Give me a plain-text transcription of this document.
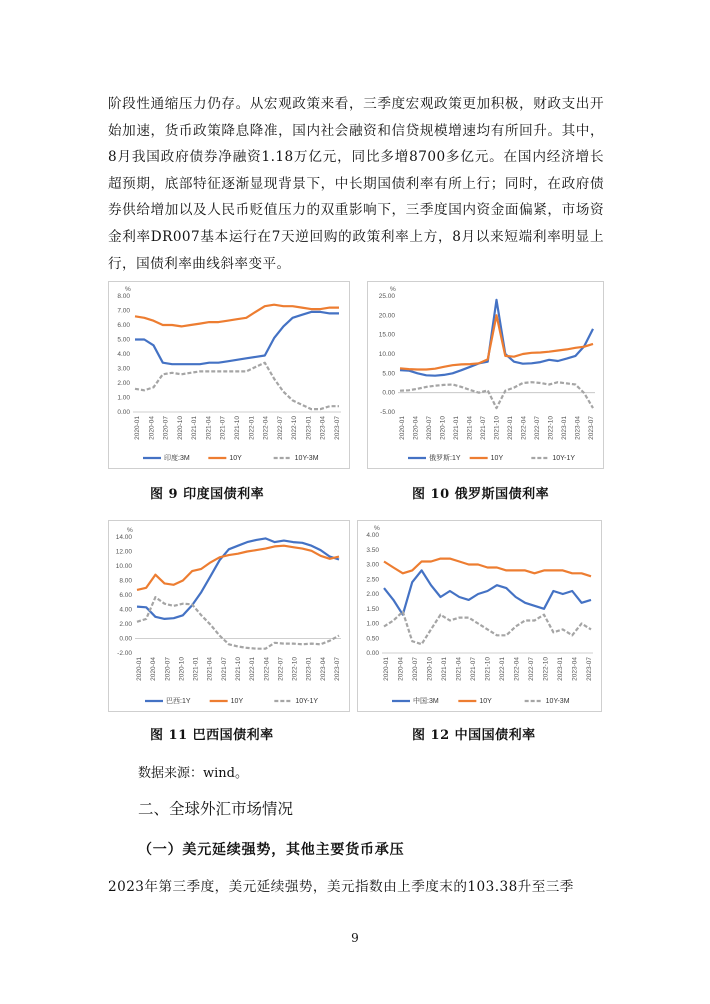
阶段性通缩压力仍存。从宏观政策来看，三季度宏观政策更加积极，财政支出开始加速，货币政策降息降准，国内社会融资和信贷规模增速均有所回升。其中，8月我国政府债券净融资1.18万亿元，同比多增8700多亿元。在国内经济增长超预期，底部特征逐渐显现背景下，中长期国债利率有所上行；同时，在政府债券供给增加以及人民币贬值压力的双重影响下，三季度国内资金面偏紧，市场资金利率DR007基本运行在7天逆回购的政策利率上方，8月以来短端利率明显上行，国债利率曲线斜率变平。

%
8.00
7.00
6.00
5.00
4.00
3.00
2.00
1.00
0.00
2020-01 2020-04 2020-07 2020-10 2021-01 2021-04 2021-07 2021-10 2022-01 2022-04 2022-07 2022-10 2023-01 2023-04 2023-07
印度:3M	10Y	10Y-3M
%
25.00
20.00
15.00
10.00
5.00
0.00
-5.00
2020-01 2020-04 2020-07 2020-10 2021-01 2021-04 2021-07 2021-10 2022-01 2022-04 2022-07 2022-10 2023-01 2023-04 2023-07
俄罗斯:1Y	10Y	10Y-1Y
%
14.00
12.00
10.00
8.00
6.00
4.00
2.00
0.00
-2.00
2020-01 2020-04 2020-07 2020-10 2021-01 2021-04 2021-07 2021-10 2022-01 2022-04 2022-07 2022-10 2023-01 2023-04 2023-07
巴西:1Y	10Y	10Y-1Y
%
4.00
3.50
3.00
2.50
2.00
1.50
1.00
0.50
0.00
2020-01 2020-04 2020-07 2020-10 2021-01 2021-04 2021-07 2021-10 2022-01 2022-04 2022-07 2022-10 2023-01 2023-04 2023-07
中国:3M	10Y	10Y-3M
图 9 印度国债利率	图 10 俄罗斯国债利率
图 11 巴西国债利率	图 12 中国国债利率
数据来源：wind。
二、全球外汇市场情况
（一）美元延续强势，其他主要货币承压

2023年第三季度，美元延续强势，美元指数由上季度末的103.38升至三季

9
